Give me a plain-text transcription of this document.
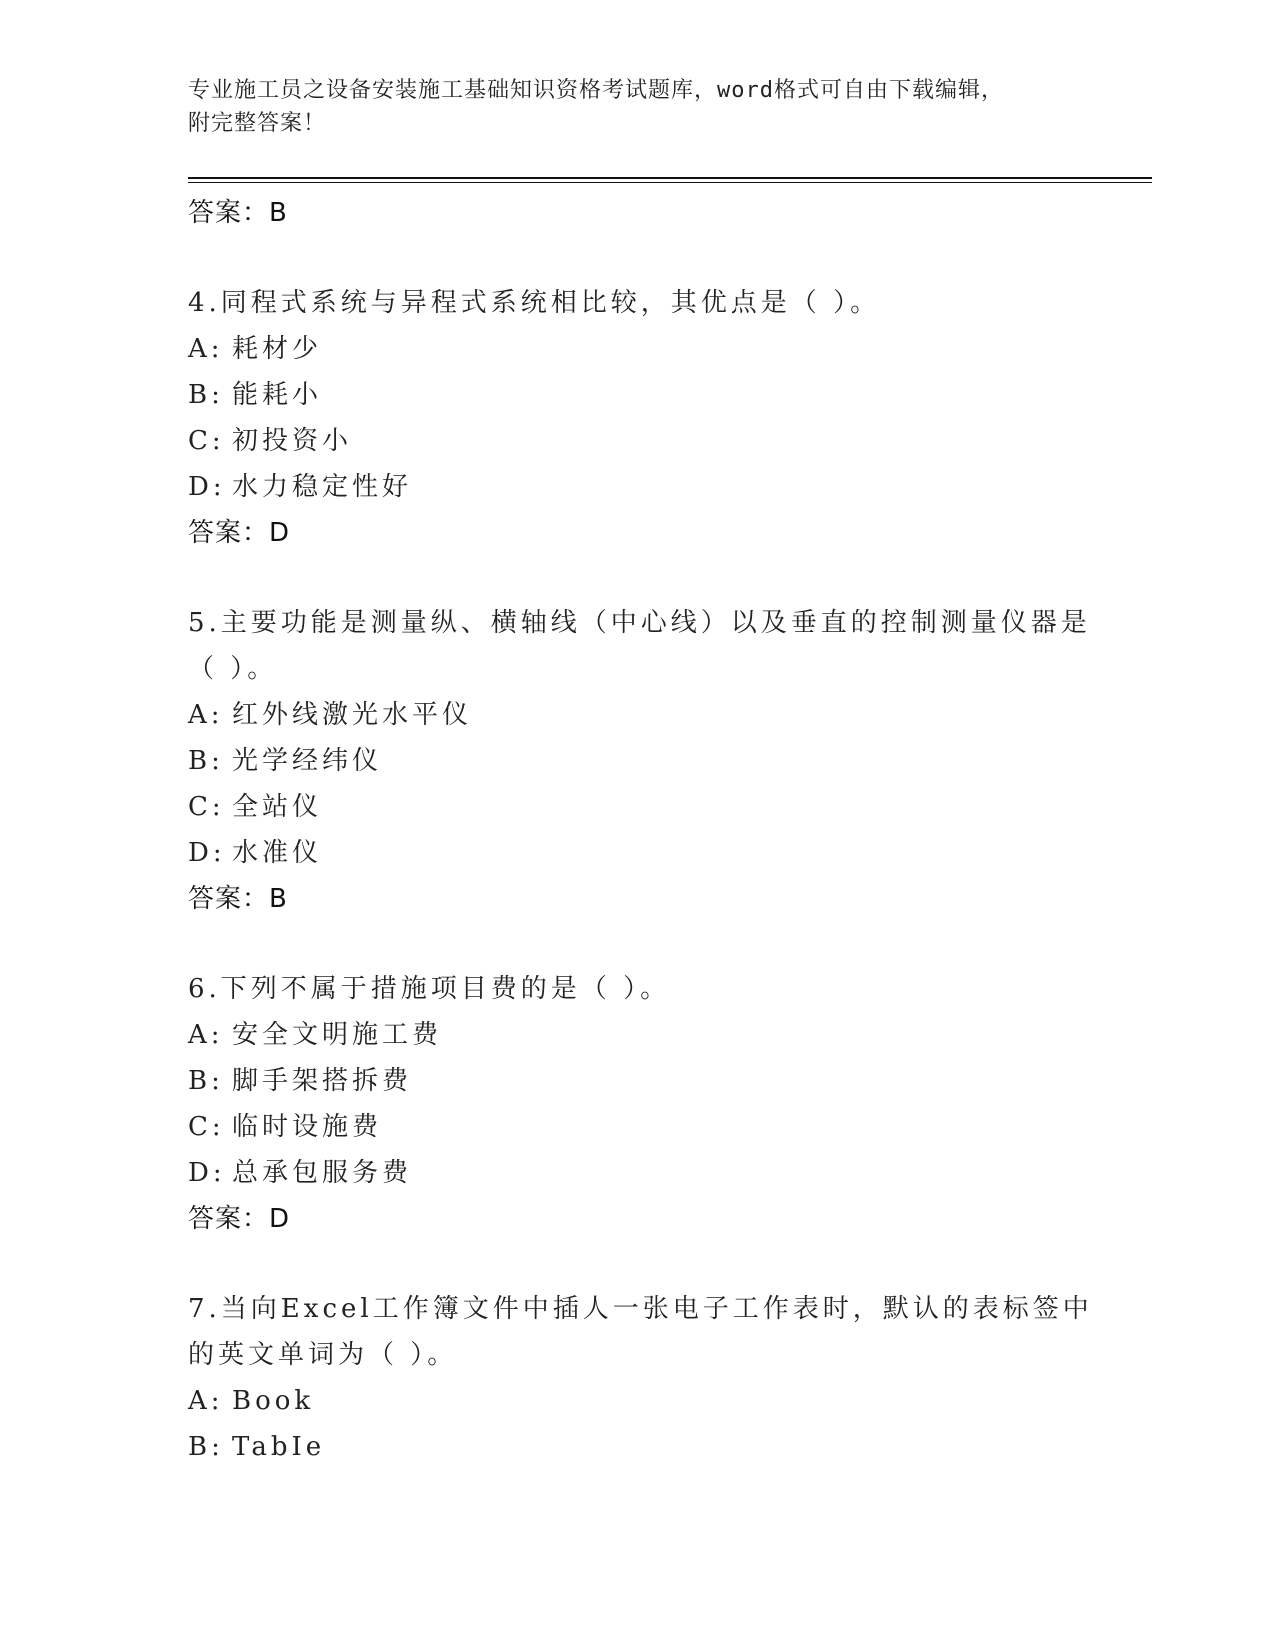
专业施工员之设备安装施工基础知识资格考试题库，word格式可自由下载编辑，
附完整答案！
答案：B
4.同程式系统与异程式系统相比较，其优点是（ ）。
A: 耗材少
B: 能耗小
C: 初投资小
D: 水力稳定性好
答案：D
5.主要功能是测量纵、横轴线（中心线）以及垂直的控制测量仪器是
（ ）。
A: 红外线激光水平仪
B: 光学经纬仪
C: 全站仪
D: 水准仪
答案：B
6.下列不属于措施项目费的是（ ）。
A: 安全文明施工费
B: 脚手架搭拆费
C: 临时设施费
D: 总承包服务费
答案：D
7.当向Excel工作簿文件中插人一张电子工作表时，默认的表标签中
的英文单词为（ ）。
A: Book
B: TabIe
